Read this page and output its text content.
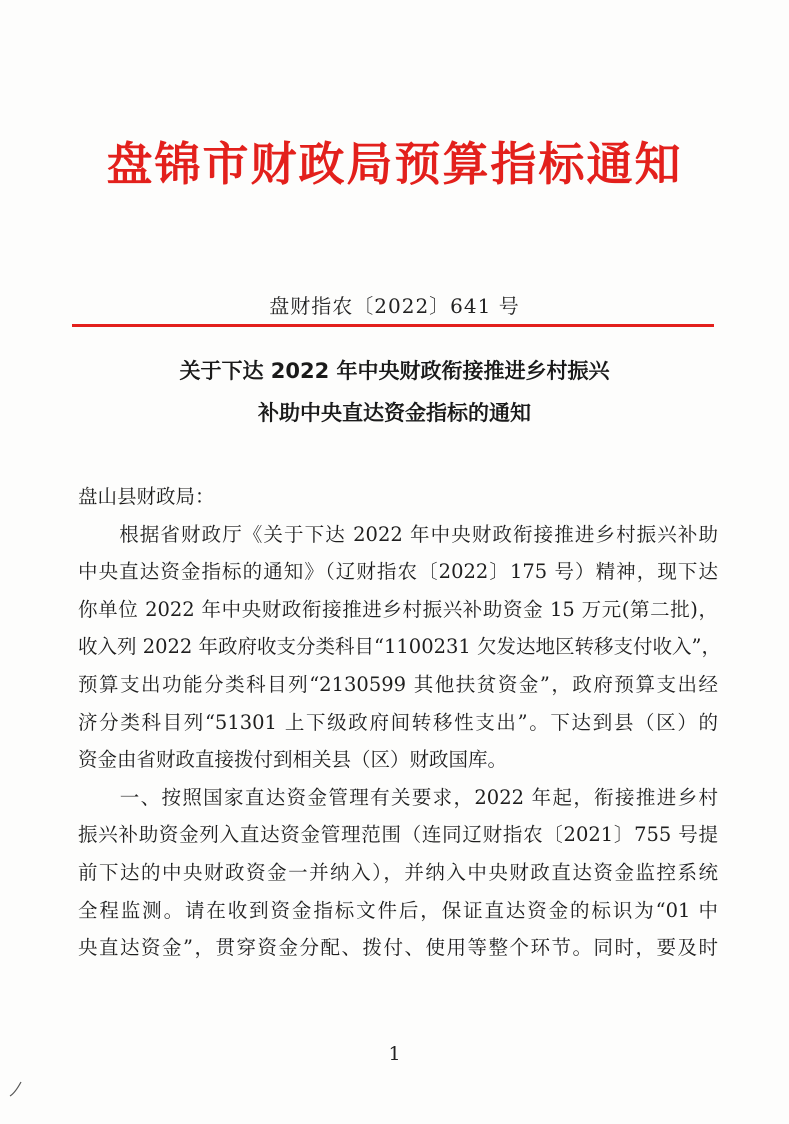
盘锦市财政局预算指标通知
盘财指农〔2022〕641 号
关于下达 2022 年中央财政衔接推进乡村振兴
补助中央直达资金指标的通知
盘山县财政局：
　　根据省财政厅《关于下达 2022 年中央财政衔接推进乡村振兴补助
中央直达资金指标的通知》（辽财指农〔2022〕175 号）精神，现下达
你单位 2022 年中央财政衔接推进乡村振兴补助资金 15 万元(第二批)，
收入列 2022 年政府收支分类科目“1100231 欠发达地区转移支付收入”，
预算支出功能分类科目列“2130599 其他扶贫资金”，政府预算支出经
济分类科目列“51301 上下级政府间转移性支出”。下达到县（区）的
资金由省财政直接拨付到相关县（区）财政国库。
　　一、按照国家直达资金管理有关要求，2022 年起，衔接推进乡村
振兴补助资金列入直达资金管理范围（连同辽财指农〔2021〕755 号提
前下达的中央财政资金一并纳入），并纳入中央财政直达资金监控系统
全程监测。请在收到资金指标文件后，保证直达资金的标识为“01 中
央直达资金”，贯穿资金分配、拨付、使用等整个环节。同时，要及时
1
